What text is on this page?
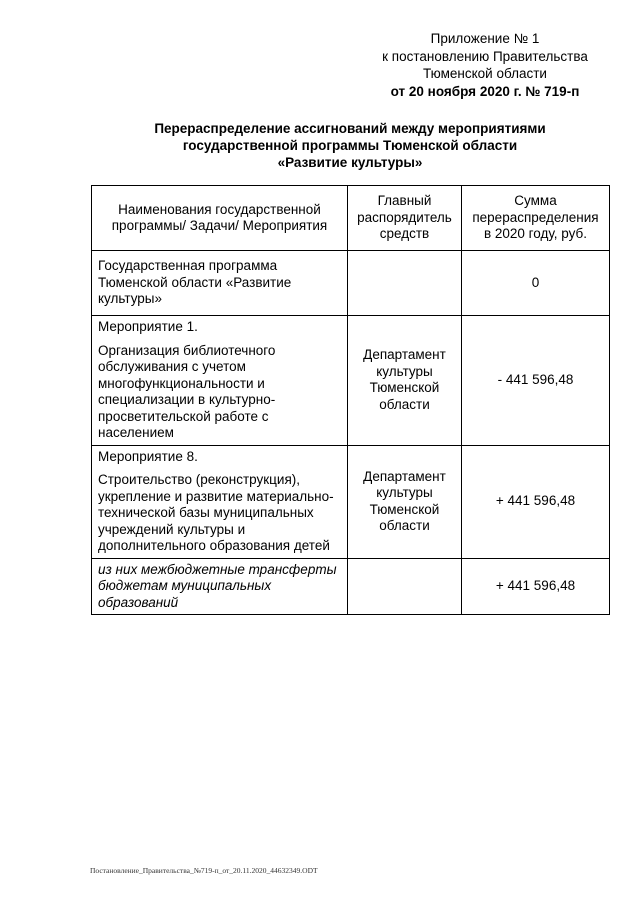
Приложение № 1
к постановлению Правительства
Тюменской области
от 20 ноября 2020 г. № 719-п
Перераспределение ассигнований между мероприятиями
государственной программы Тюменской области
«Развитие культуры»
Наименования государственной программы/ Задачи/ Мероприятия	Главный распорядитель средств	Сумма перераспределения в 2020 году, руб.
Государственная программа Тюменской области «Развитие культуры»		0

Мероприятие 1.
Организация библиотечного обслуживания с учетом многофункциональности и специализации в культурно-просветительской работе с населением	Департамент культуры Тюменской области	- 441 596,48

Мероприятие 8.
Строительство (реконструкция), укрепление и развитие материально-технической базы муниципальных учреждений культуры и дополнительного образования детей	Департамент культуры Тюменской области	+ 441 596,48
из них межбюджетные трансферты бюджетам муниципальных образований		+ 441 596,48
Постановление_Правительства_№719-п_от_20.11.2020_44632349.ODT
